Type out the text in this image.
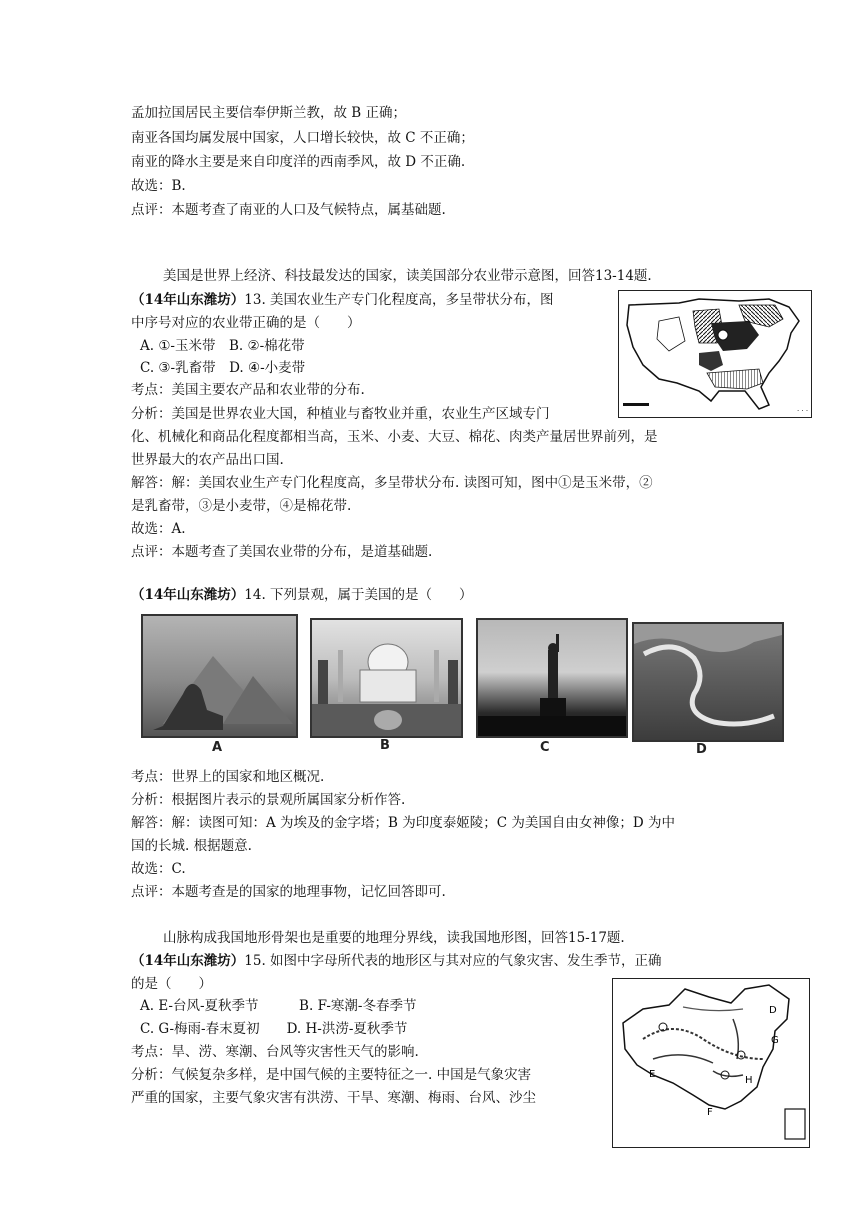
孟加拉国居民主要信奉伊斯兰教，故 B 正确；
南亚各国均属发展中国家，人口增长较快，故 C 不正确；
南亚的降水主要是来自印度洋的西南季风，故 D 不正确.
故选：B.
点评：本题考查了南亚的人口及气候特点，属基础题.
美国是世界上经济、科技最发达的国家，读美国部分农业带示意图，回答13-14题.
（14年山东潍坊）13. 美国农业生产专门化程度高，多呈带状分布，图
中序号对应的农业带正确的是（　　）
A. ①-玉米带　B. ②-棉花带
C. ③-乳畜带　D. ④-小麦带
考点：美国主要农产品和农业带的分布.
分析：美国是世界农业大国，种植业与畜牧业并重，农业生产区域专门
化、机械化和商品化程度都相当高，玉米、小麦、大豆、棉花、肉类产量居世界前列，是
世界最大的农产品出口国.
解答：解：美国农业生产专门化程度高，多呈带状分布. 读图可知，图中①是玉米带，②
是乳畜带，③是小麦带，④是棉花带.
故选：A.
点评：本题考查了美国农业带的分布，是道基础题.
. . .
（14年山东潍坊）14. 下列景观，属于美国的是（　　）
A	B	C	D
考点：世界上的国家和地区概况.
分析：根据图片表示的景观所属国家分析作答.
解答：解：读图可知：A 为埃及的金字塔；B 为印度泰姬陵；C 为美国自由女神像；D 为中
国的长城. 根据题意.
故选：C.
点评：本题考查是的国家的地理事物，记忆回答即可.
山脉构成我国地形骨架也是重要的地理分界线，读我国地形图，回答15-17题.
（14年山东潍坊）15. 如图中字母所代表的地形区与其对应的气象灾害、发生季节，正确
的是（　　）
A. E-台风-夏秋季节　　　B. F-寒潮-冬春季节
C. G-梅雨-春末夏初　　D. H-洪涝-夏秋季节
考点：旱、涝、寒潮、台风等灾害性天气的影响.
分析：气候复杂多样，是中国气候的主要特征之一. 中国是气象灾害
严重的国家，主要气象灾害有洪涝、干旱、寒潮、梅雨、台风、沙尘
D
G
E
H
F
